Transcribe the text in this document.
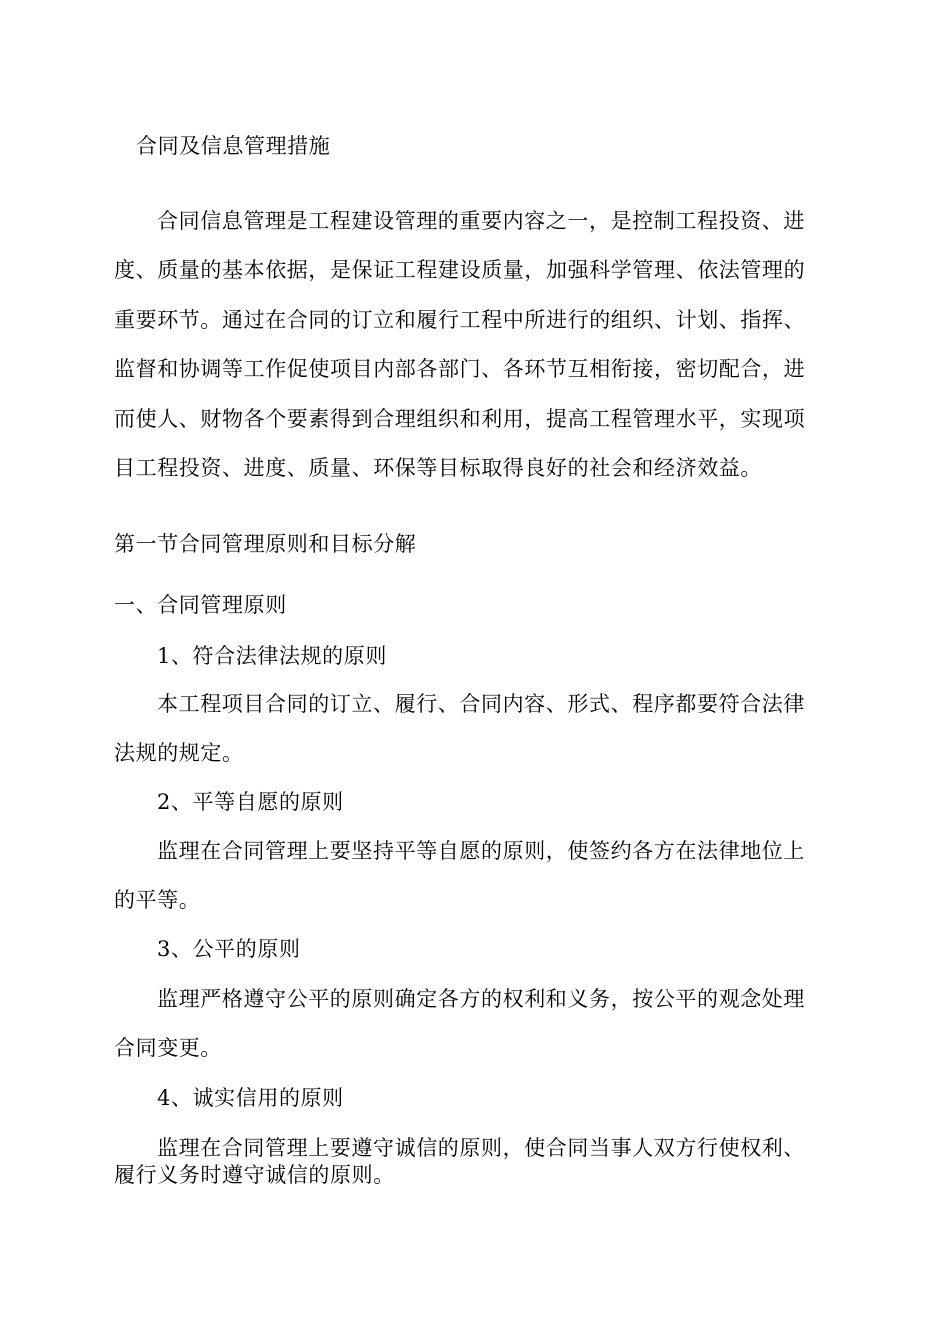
合同及信息管理措施
合同信息管理是工程建设管理的重要内容之一，是控制工程投资、进
度、质量的基本依据，是保证工程建设质量，加强科学管理、依法管理的
重要环节。通过在合同的订立和履行工程中所进行的组织、计划、指挥、
监督和协调等工作促使项目内部各部门、各环节互相衔接，密切配合，进
而使人、财物各个要素得到合理组织和利用，提高工程管理水平，实现项
目工程投资、进度、质量、环保等目标取得良好的社会和经济效益。
第一节合同管理原则和目标分解
一、合同管理原则
1、符合法律法规的原则
本工程项目合同的订立、履行、合同内容、形式、程序都要符合法律
法规的规定。
2、平等自愿的原则
监理在合同管理上要坚持平等自愿的原则，使签约各方在法律地位上
的平等。
3、公平的原则
监理严格遵守公平的原则确定各方的权利和义务，按公平的观念处理
合同变更。
4、诚实信用的原则
监理在合同管理上要遵守诚信的原则，使合同当事人双方行使权利、
履行义务时遵守诚信的原则。
